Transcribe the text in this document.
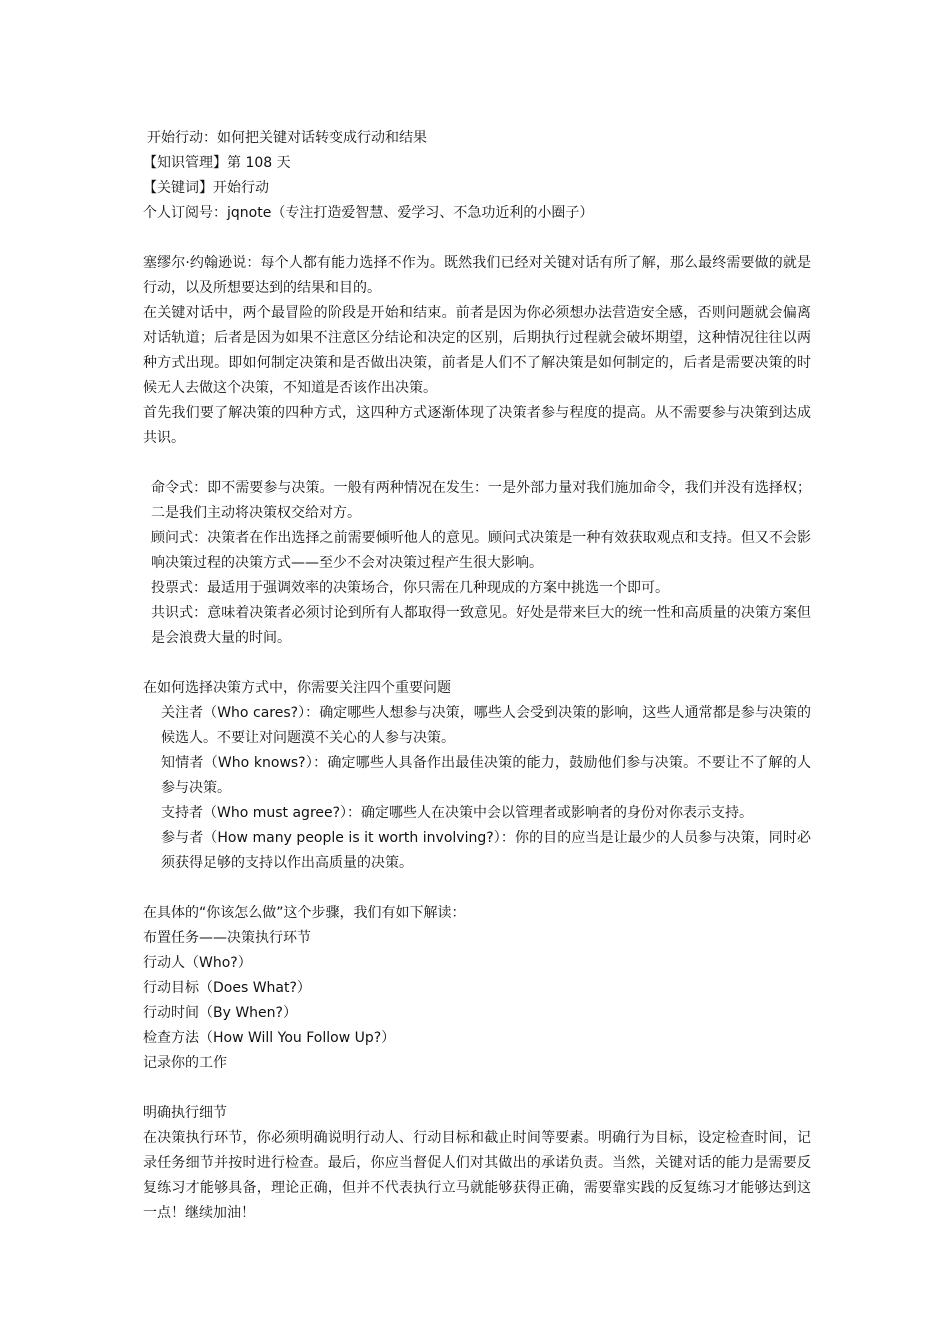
开始行动：如何把关键对话转变成行动和结果

【知识管理】第 108 天

【关键词】开始行动

个人订阅号：jqnote（专注打造爱智慧、爱学习、不急功近利的小圈子）

塞缪尔·约翰逊说：每个人都有能力选择不作为。既然我们已经对关键对话有所了解，那么最终需要做的就是行动，以及所想要达到的结果和目的。

在关键对话中，两个最冒险的阶段是开始和结束。前者是因为你必须想办法营造安全感，否则问题就会偏离对话轨道；后者是因为如果不注意区分结论和决定的区别，后期执行过程就会破坏期望，这种情况往往以两种方式出现。即如何制定决策和是否做出决策，前者是人们不了解决策是如何制定的，后者是需要决策的时候无人去做这个决策，不知道是否该作出决策。

首先我们要了解决策的四种方式，这四种方式逐渐体现了决策者参与程度的提高。从不需要参与决策到达成共识。

命令式：即不需要参与决策。一般有两种情况在发生：一是外部力量对我们施加命令，我们并没有选择权；二是我们主动将决策权交给对方。

顾问式：决策者在作出选择之前需要倾听他人的意见。顾问式决策是一种有效获取观点和支持。但又不会影响决策过程的决策方式——至少不会对决策过程产生很大影响。

投票式：最适用于强调效率的决策场合，你只需在几种现成的方案中挑选一个即可。

共识式：意味着决策者必须讨论到所有人都取得一致意见。好处是带来巨大的统一性和高质量的决策方案但是会浪费大量的时间。

在如何选择决策方式中，你需要关注四个重要问题

关注者（Who cares?）：确定哪些人想参与决策，哪些人会受到决策的影响，这些人通常都是参与决策的候选人。不要让对问题漠不关心的人参与决策。

知情者（Who knows?）：确定哪些人具备作出最佳决策的能力，鼓励他们参与决策。不要让不了解的人参与决策。

支持者（Who must agree?）：确定哪些人在决策中会以管理者或影响者的身份对你表示支持。

参与者（How many people is it worth involving?）：你的目的应当是让最少的人员参与决策，同时必须获得足够的支持以作出高质量的决策。

在具体的“你该怎么做”这个步骤，我们有如下解读：

布置任务——决策执行环节

行动人（Who?）

行动目标（Does What?）

行动时间（By When?）

检查方法（How Will You Follow Up?）

记录你的工作

明确执行细节

在决策执行环节，你必须明确说明行动人、行动目标和截止时间等要素。明确行为目标，设定检查时间，记录任务细节并按时进行检查。最后，你应当督促人们对其做出的承诺负责。当然，关键对话的能力是需要反复练习才能够具备，理论正确，但并不代表执行立马就能够获得正确，需要靠实践的反复练习才能够达到这一点！继续加油！
